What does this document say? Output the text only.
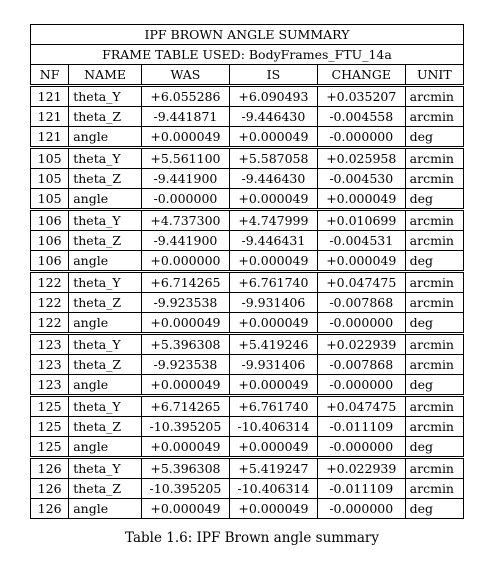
IPF BROWN ANGLE SUMMARY					
FRAME TABLE USED: BodyFrames_FTU_14a					
NF	NAME	WAS	IS	CHANGE	UNIT
121	theta_Y	+6.055286	+6.090493	+0.035207	arcmin
121	theta_Z	-9.441871	-9.446430	-0.004558	arcmin
121	angle	+0.000049	+0.000049	-0.000000	deg
105	theta_Y	+5.561100	+5.587058	+0.025958	arcmin
105	theta_Z	-9.441900	-9.446430	-0.004530	arcmin
105	angle	-0.000000	+0.000049	+0.000049	deg
106	theta_Y	+4.737300	+4.747999	+0.010699	arcmin
106	theta_Z	-9.441900	-9.446431	-0.004531	arcmin
106	angle	+0.000000	+0.000049	+0.000049	deg
122	theta_Y	+6.714265	+6.761740	+0.047475	arcmin
122	theta_Z	-9.923538	-9.931406	-0.007868	arcmin
122	angle	+0.000049	+0.000049	-0.000000	deg
123	theta_Y	+5.396308	+5.419246	+0.022939	arcmin
123	theta_Z	-9.923538	-9.931406	-0.007868	arcmin
123	angle	+0.000049	+0.000049	-0.000000	deg
125	theta_Y	+6.714265	+6.761740	+0.047475	arcmin
125	theta_Z	-10.395205	-10.406314	-0.011109	arcmin
125	angle	+0.000049	+0.000049	-0.000000	deg
126	theta_Y	+5.396308	+5.419247	+0.022939	arcmin
126	theta_Z	-10.395205	-10.406314	-0.011109	arcmin
126	angle	+0.000049	+0.000049	-0.000000	deg
Table 1.6: IPF Brown angle summary
